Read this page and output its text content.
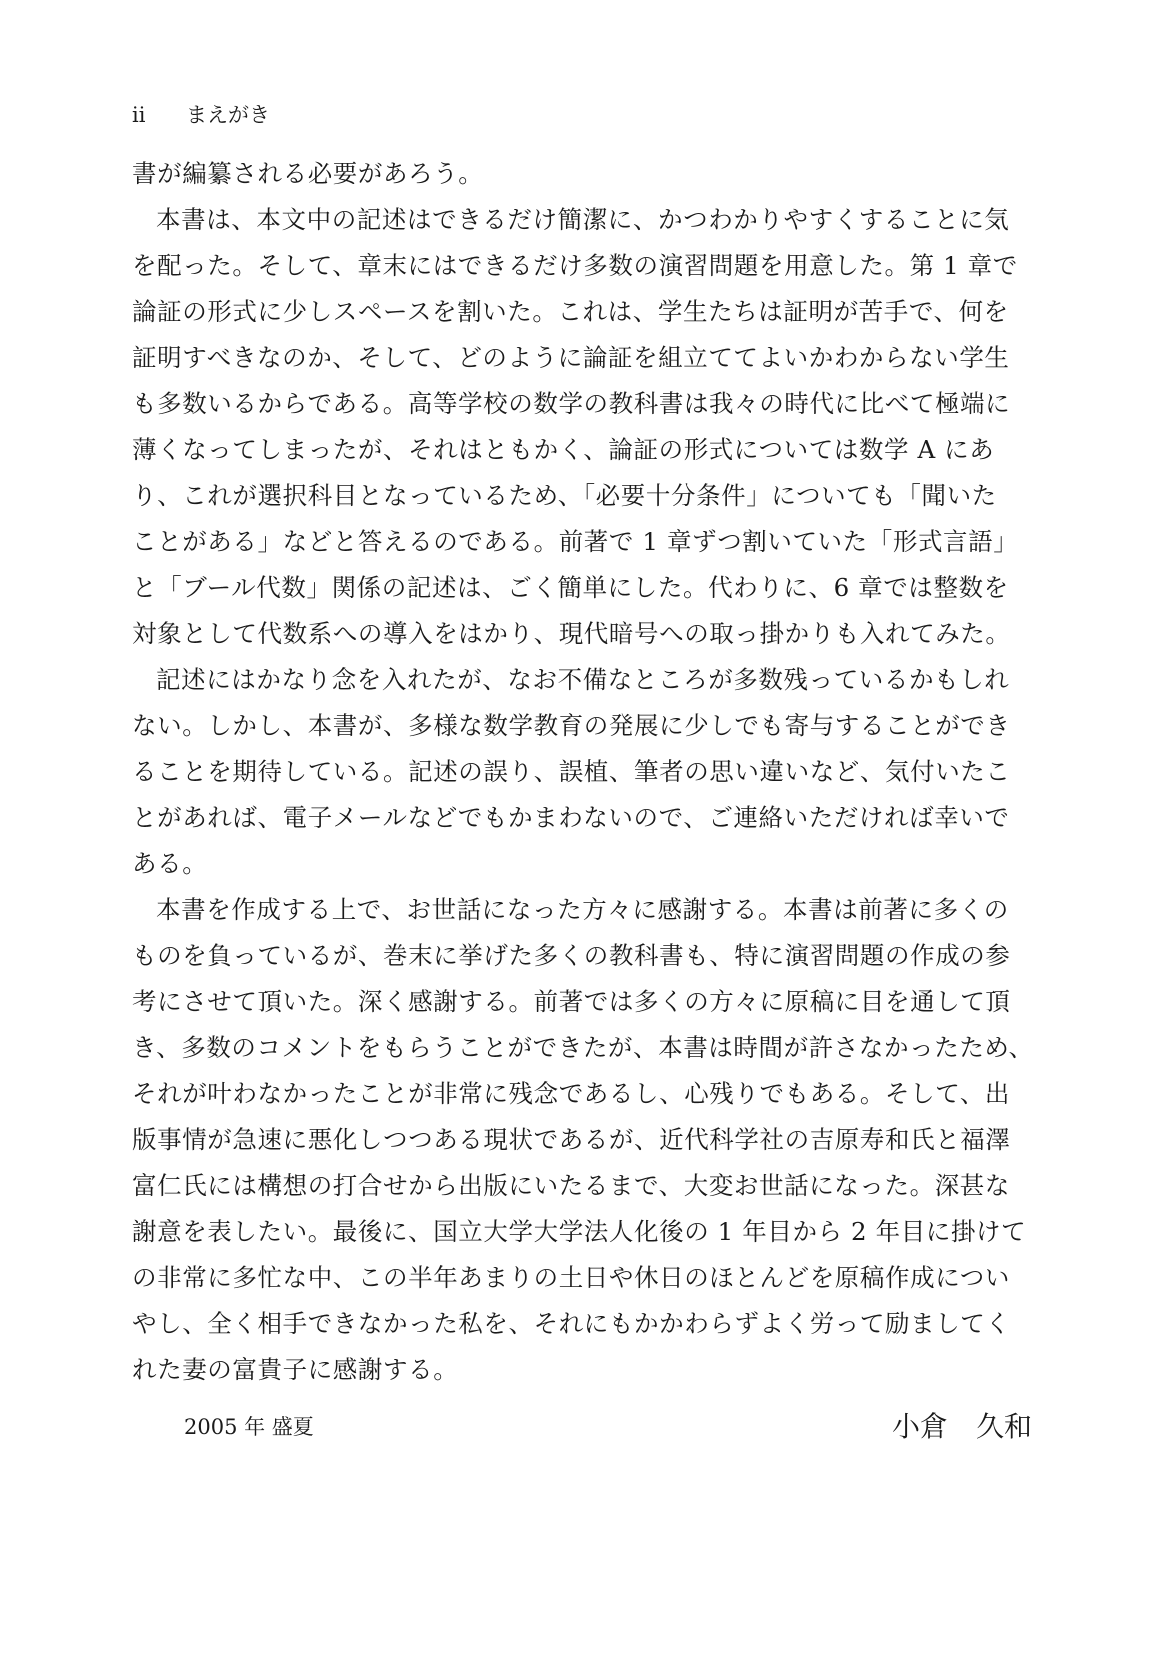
ii まえがき
書が編纂される必要があろう。
本書は、本文中の記述はできるだけ簡潔に、かつわかりやすくすることに気
を配った。そして、章末にはできるだけ多数の演習問題を用意した。第 1 章で
論証の形式に少しスペースを割いた。これは、学生たちは証明が苦手で、何を
証明すべきなのか、そして、どのように論証を組立ててよいかわからない学生
も多数いるからである。高等学校の数学の教科書は我々の時代に比べて極端に
薄くなってしまったが、それはともかく、論証の形式については数学 A にあ
り、これが選択科目となっているため、「必要十分条件」についても「聞いた
ことがある」などと答えるのである。前著で 1 章ずつ割いていた「形式言語」
と「ブール代数」関係の記述は、ごく簡単にした。代わりに、6 章では整数を
対象として代数系への導入をはかり、現代暗号への取っ掛かりも入れてみた。
記述にはかなり念を入れたが、なお不備なところが多数残っているかもしれ
ない。しかし、本書が、多様な数学教育の発展に少しでも寄与することができ
ることを期待している。記述の誤り、誤植、筆者の思い違いなど、気付いたこ
とがあれば、電子メールなどでもかまわないので、ご連絡いただければ幸いで
ある。
本書を作成する上で、お世話になった方々に感謝する。本書は前著に多くの
ものを負っているが、巻末に挙げた多くの教科書も、特に演習問題の作成の参
考にさせて頂いた。深く感謝する。前著では多くの方々に原稿に目を通して頂
き、多数のコメントをもらうことができたが、本書は時間が許さなかったため、
それが叶わなかったことが非常に残念であるし、心残りでもある。そして、出
版事情が急速に悪化しつつある現状であるが、近代科学社の吉原寿和氏と福澤
富仁氏には構想の打合せから出版にいたるまで、大変お世話になった。深甚な
謝意を表したい。最後に、国立大学大学法人化後の 1 年目から 2 年目に掛けて
の非常に多忙な中、この半年あまりの土日や休日のほとんどを原稿作成につい
やし、全く相手できなかった私を、それにもかかわらずよく労って励ましてく
れた妻の富貴子に感謝する。
2005 年 盛夏	小倉　久和
